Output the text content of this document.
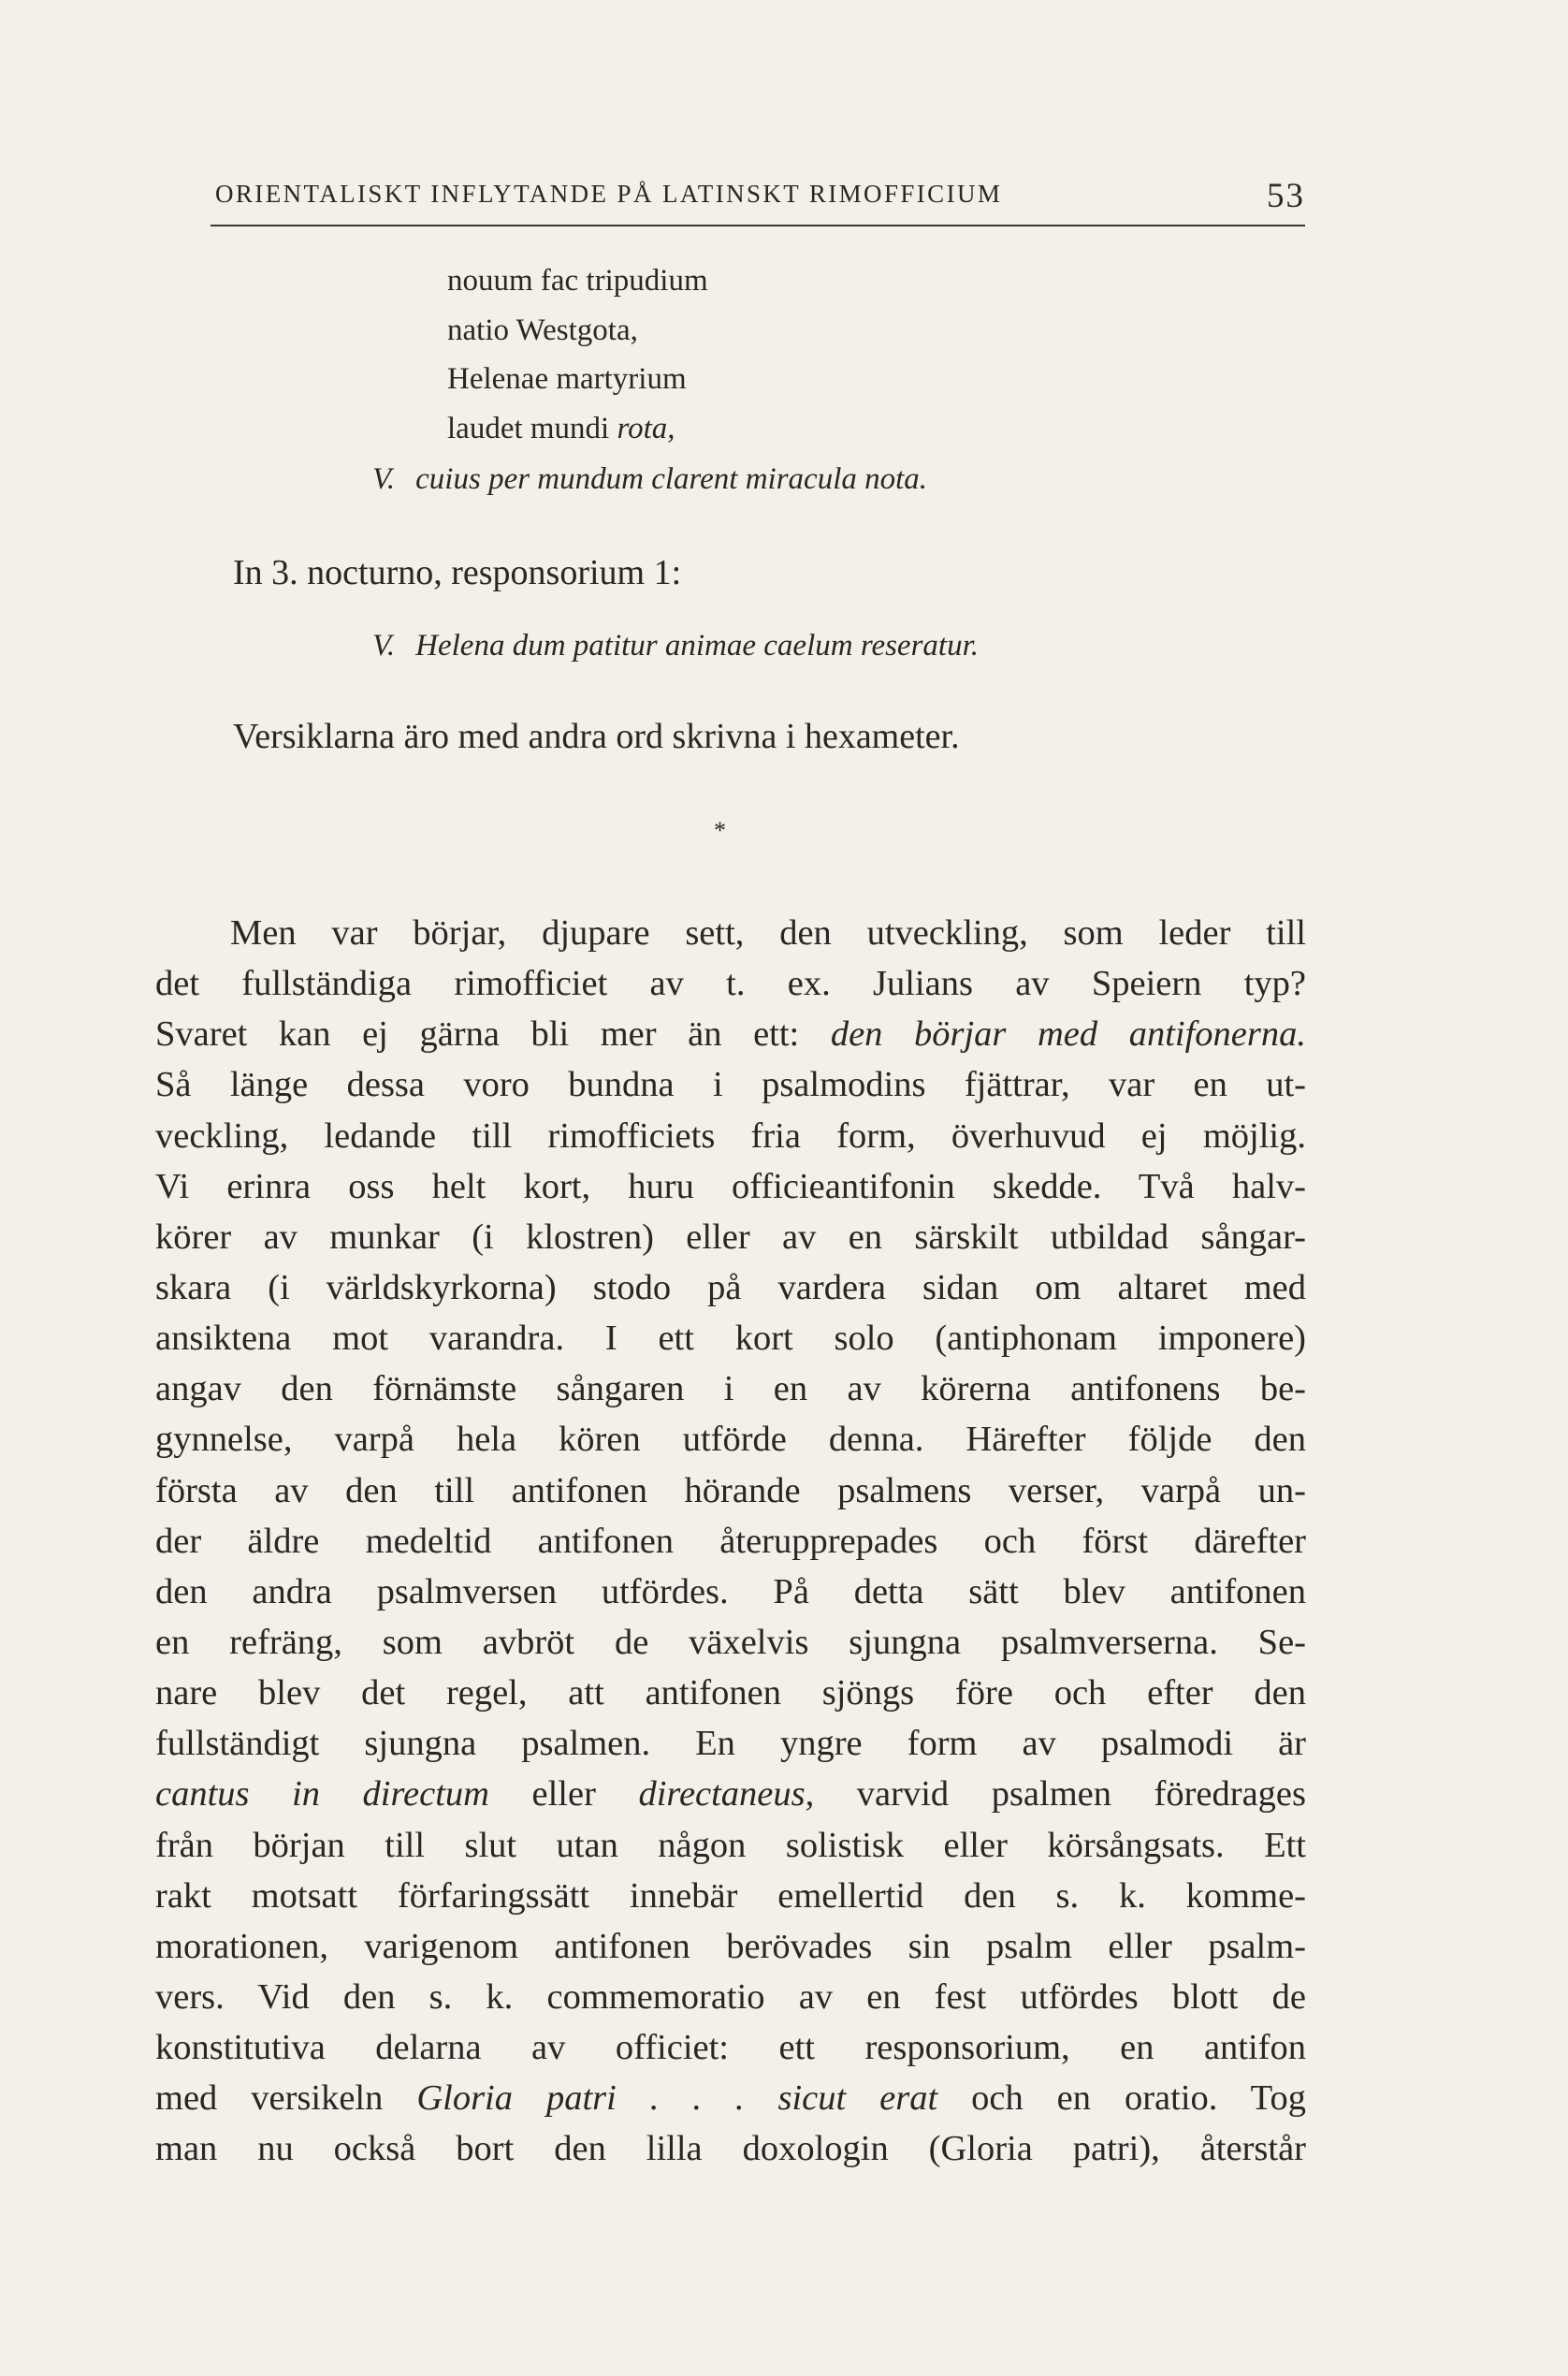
ORIENTALISKT INFLYTANDE PÅ LATINSKT RIMOFFICIUM	53
nouum fac tripudium
natio Westgota,
Helenae martyrium
laudet mundi rota,
V. cuius per mundum clarent miracula nota.
In 3. nocturno, responsorium 1:
V. Helena dum patitur animae caelum reseratur.
Versiklarna äro med andra ord skrivna i hexameter.
*
Men var börjar, djupare sett, den utveckling, som leder till
det fullständiga rimofficiet av t. ex. Julians av Speiern typ?
Svaret kan ej gärna bli mer än ett: den börjar med antifonerna.
Så länge dessa voro bundna i psalmodins fjättrar, var en ut-
veckling, ledande till rimofficiets fria form, överhuvud ej möjlig.
Vi erinra oss helt kort, huru officieantifonin skedde. Två halv-
körer av munkar (i klostren) eller av en särskilt utbildad sångar-
skara (i världskyrkorna) stodo på vardera sidan om altaret med
ansiktena mot varandra. I ett kort solo (antiphonam imponere)
angav den förnämste sångaren i en av körerna antifonens be-
gynnelse, varpå hela kören utförde denna. Härefter följde den
första av den till antifonen hörande psalmens verser, varpå un-
der äldre medeltid antifonen återupprepades och först därefter
den andra psalmversen utfördes. På detta sätt blev antifonen
en refräng, som avbröt de växelvis sjungna psalmverserna. Se-
nare blev det regel, att antifonen sjöngs före och efter den
fullständigt sjungna psalmen. En yngre form av psalmodi är
cantus in directum eller directaneus, varvid psalmen föredrages
från början till slut utan någon solistisk eller körsångsats. Ett
rakt motsatt förfaringssätt innebär emellertid den s. k. komme-
morationen, varigenom antifonen berövades sin psalm eller psalm-
vers. Vid den s. k. commemoratio av en fest utfördes blott de
konstitutiva delarna av officiet: ett responsorium, en antifon
med versikeln Gloria patri . . . sicut erat och en oratio. Tog
man nu också bort den lilla doxologin (Gloria patri), återstår
